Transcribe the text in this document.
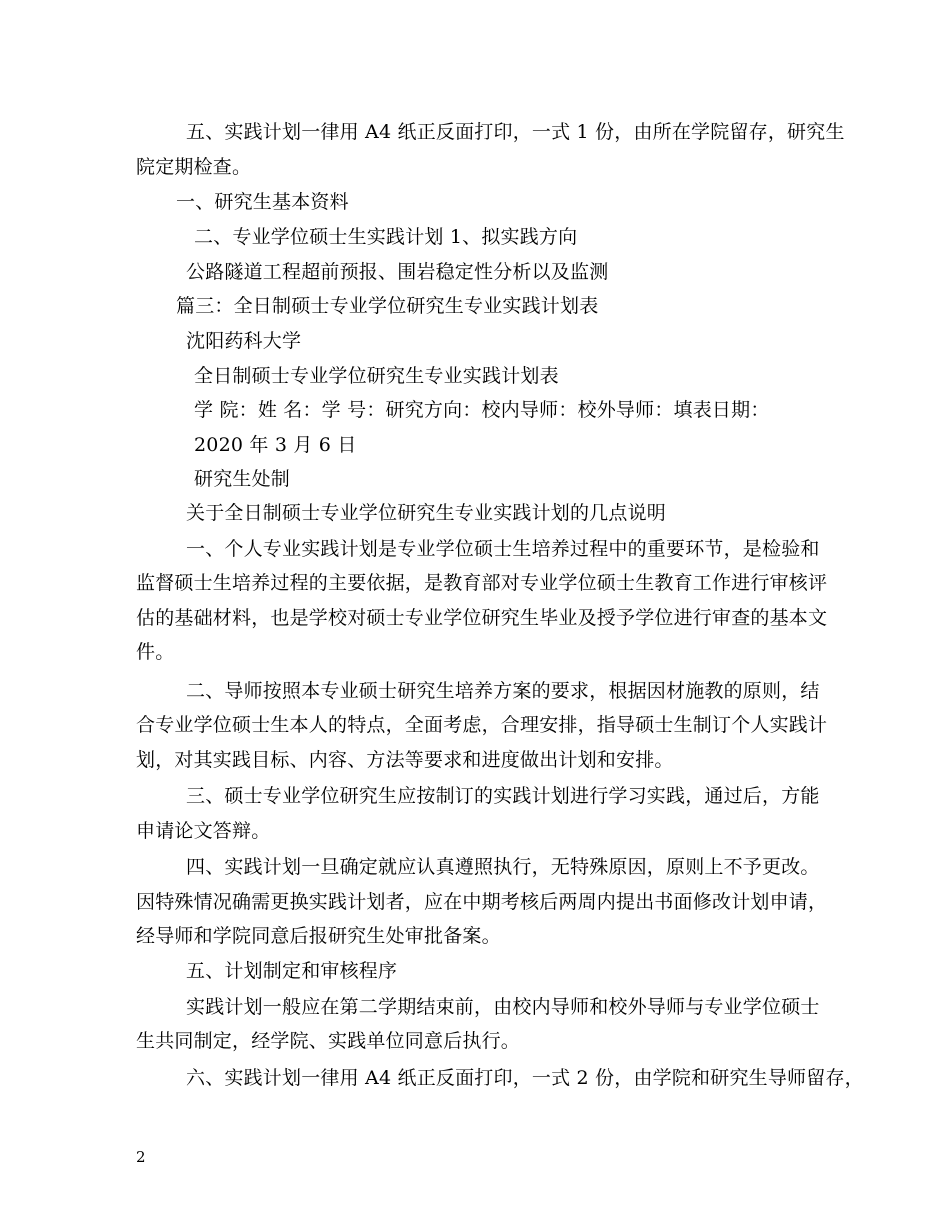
五、实践计划一律用 A4 纸正反面打印，一式 1 份，由所在学院留存，研究生
院定期检查。
一、研究生基本资料
二、专业学位硕士生实践计划 1、拟实践方向
公路隧道工程超前预报、围岩稳定性分析以及监测
篇三：全日制硕士专业学位研究生专业实践计划表
沈阳药科大学
全日制硕士专业学位研究生专业实践计划表
学 院：姓 名：学 号：研究方向：校内导师：校外导师：填表日期：
2020 年 3 月 6 日
研究生处制
关于全日制硕士专业学位研究生专业实践计划的几点说明
一、个人专业实践计划是专业学位硕士生培养过程中的重要环节，是检验和
监督硕士生培养过程的主要依据，是教育部对专业学位硕士生教育工作进行审核评
估的基础材料，也是学校对硕士专业学位研究生毕业及授予学位进行审查的基本文
件。
二、导师按照本专业硕士研究生培养方案的要求，根据因材施教的原则，结
合专业学位硕士生本人的特点，全面考虑，合理安排，指导硕士生制订个人实践计
划，对其实践目标、内容、方法等要求和进度做出计划和安排。
三、硕士专业学位研究生应按制订的实践计划进行学习实践，通过后，方能
申请论文答辩。
四、实践计划一旦确定就应认真遵照执行，无特殊原因，原则上不予更改。
因特殊情况确需更换实践计划者，应在中期考核后两周内提出书面修改计划申请，
经导师和学院同意后报研究生处审批备案。
五、计划制定和审核程序
实践计划一般应在第二学期结束前，由校内导师和校外导师与专业学位硕士
生共同制定，经学院、实践单位同意后执行。
六、实践计划一律用 A4 纸正反面打印，一式 2 份，由学院和研究生导师留存，
2
